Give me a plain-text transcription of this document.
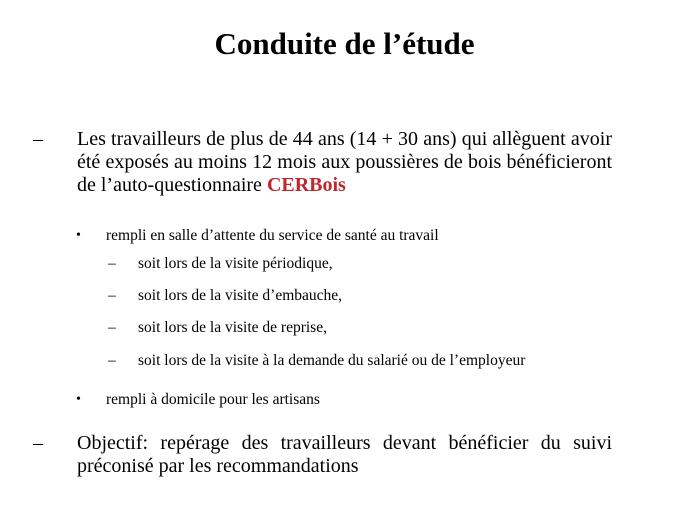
Conduite de l’étude
–	Les travailleurs de plus de 44 ans (14 + 30 ans) qui allèguent avoir été exposés au moins 12 mois aux poussières de bois bénéficieront de l’auto-questionnaire CERBois
•	rempli en salle d’attente du service de santé au travail
–	soit lors de la visite périodique,
–	soit lors de la visite d’embauche,
–	soit lors de la visite de reprise,
–	soit lors de la visite à la demande du salarié ou de l’employeur
•	rempli à domicile pour les artisans
–	Objectif: repérage des travailleurs devant bénéficier du suivi préconisé par les recommandations
